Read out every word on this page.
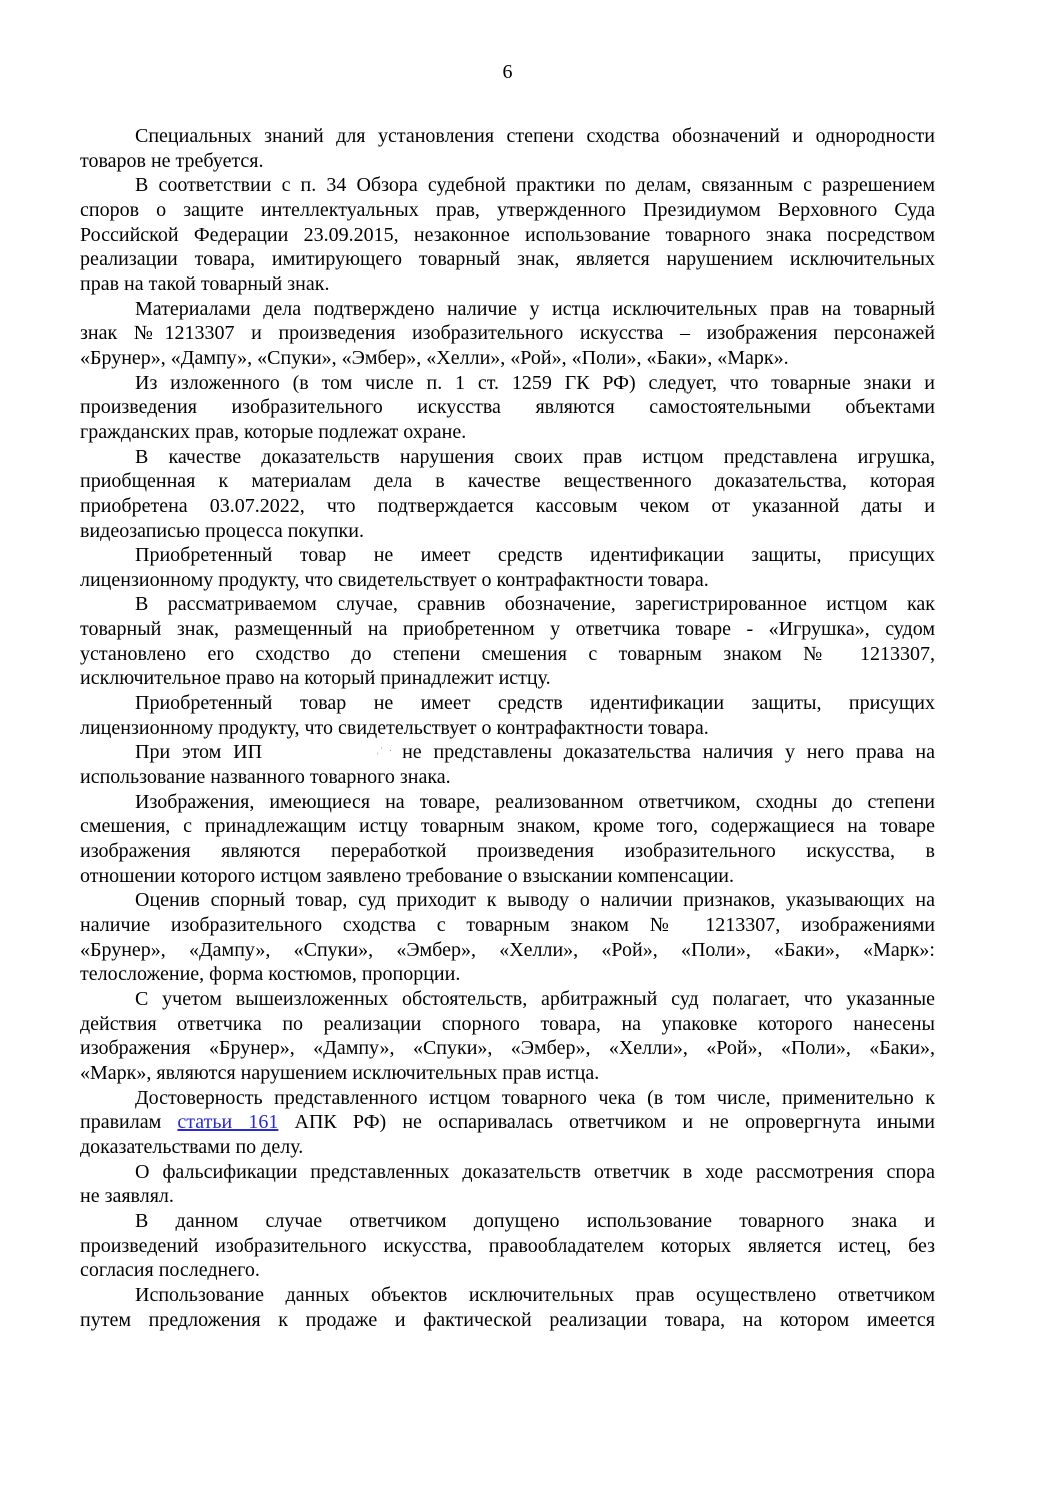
6
Специальных знаний для установления степени сходства обозначений и однородности
товаров не требуется.
В соответствии с п. 34 Обзора судебной практики по делам, связанным с разрешением
споров о защите интеллектуальных прав, утвержденного Президиумом Верховного Суда
Российской Федерации 23.09.2015, незаконное использование товарного знака посредством
реализации товара, имитирующего товарный знак, является нарушением исключительных
прав на такой товарный знак.
Материалами дела подтверждено наличие у истца исключительных прав на товарный
знак №1213307 и произведения изобразительного искусства – изображения персонажей
«Брунер», «Дампу», «Спуки», «Эмбер», «Хелли», «Рой», «Поли», «Баки», «Марк».
Из изложенного (в том числе п. 1 ст. 1259 ГК РФ) следует, что товарные знаки и
произведения изобразительного искусства являются самостоятельными объектами
гражданских прав, которые подлежат охране.
В качестве доказательств нарушения своих прав истцом представлена игрушка,
приобщенная к материалам дела в качестве вещественного доказательства, которая
приобретена 03.07.2022, что подтверждается кассовым чеком от указанной даты и
видеозаписью процесса покупки.
Приобретенный товар не имеет средств идентификации защиты, присущих
лицензионному продукту, что свидетельствует о контрафактности товара.
В рассматриваемом случае, сравнив обозначение, зарегистрированное истцом как
товарный знак, размещенный на приобретенном у ответчика товаре - «Игрушка», судом
установлено его сходство до степени смешения с товарным знаком № 1213307,
исключительное право на который принадлежит истцу.
Приобретенный товар не имеет средств идентификации защиты, присущих
лицензионному продукту, что свидетельствует о контрафактности товара.
При этом ИП ˒ · .	не представлены доказательства наличия у него права на
использование названного товарного знака.
Изображения, имеющиеся на товаре, реализованном ответчиком, сходны до степени
смешения, с принадлежащим истцу товарным знаком, кроме того, содержащиеся на товаре
изображения являются переработкой произведения изобразительного искусства, в
отношении которого истцом заявлено требование о взыскании компенсации.
Оценив спорный товар, суд приходит к выводу о наличии признаков, указывающих на
наличие изобразительного сходства с товарным знаком № 1213307, изображениями
«Брунер», «Дампу», «Спуки», «Эмбер», «Хелли», «Рой», «Поли», «Баки», «Марк»:
телосложение, форма костюмов, пропорции.
С учетом вышеизложенных обстоятельств, арбитражный суд полагает, что указанные
действия ответчика по реализации спорного товара, на упаковке которого нанесены
изображения «Брунер», «Дампу», «Спуки», «Эмбер», «Хелли», «Рой», «Поли», «Баки»,
«Марк», являются нарушением исключительных прав истца.
Достоверность представленного истцом товарного чека (в том числе, применительно к
правилам статьи 161 АПК РФ) не оспаривалась ответчиком и не опровергнута иными
доказательствами по делу.
О фальсификации представленных доказательств ответчик в ходе рассмотрения спора
не заявлял.
В данном случае ответчиком допущено использование товарного знака и
произведений изобразительного искусства, правообладателем которых является истец, без
согласия последнего.
Использование данных объектов исключительных прав осуществлено ответчиком
путем предложения к продаже и фактической реализации товара, на котором имеется
